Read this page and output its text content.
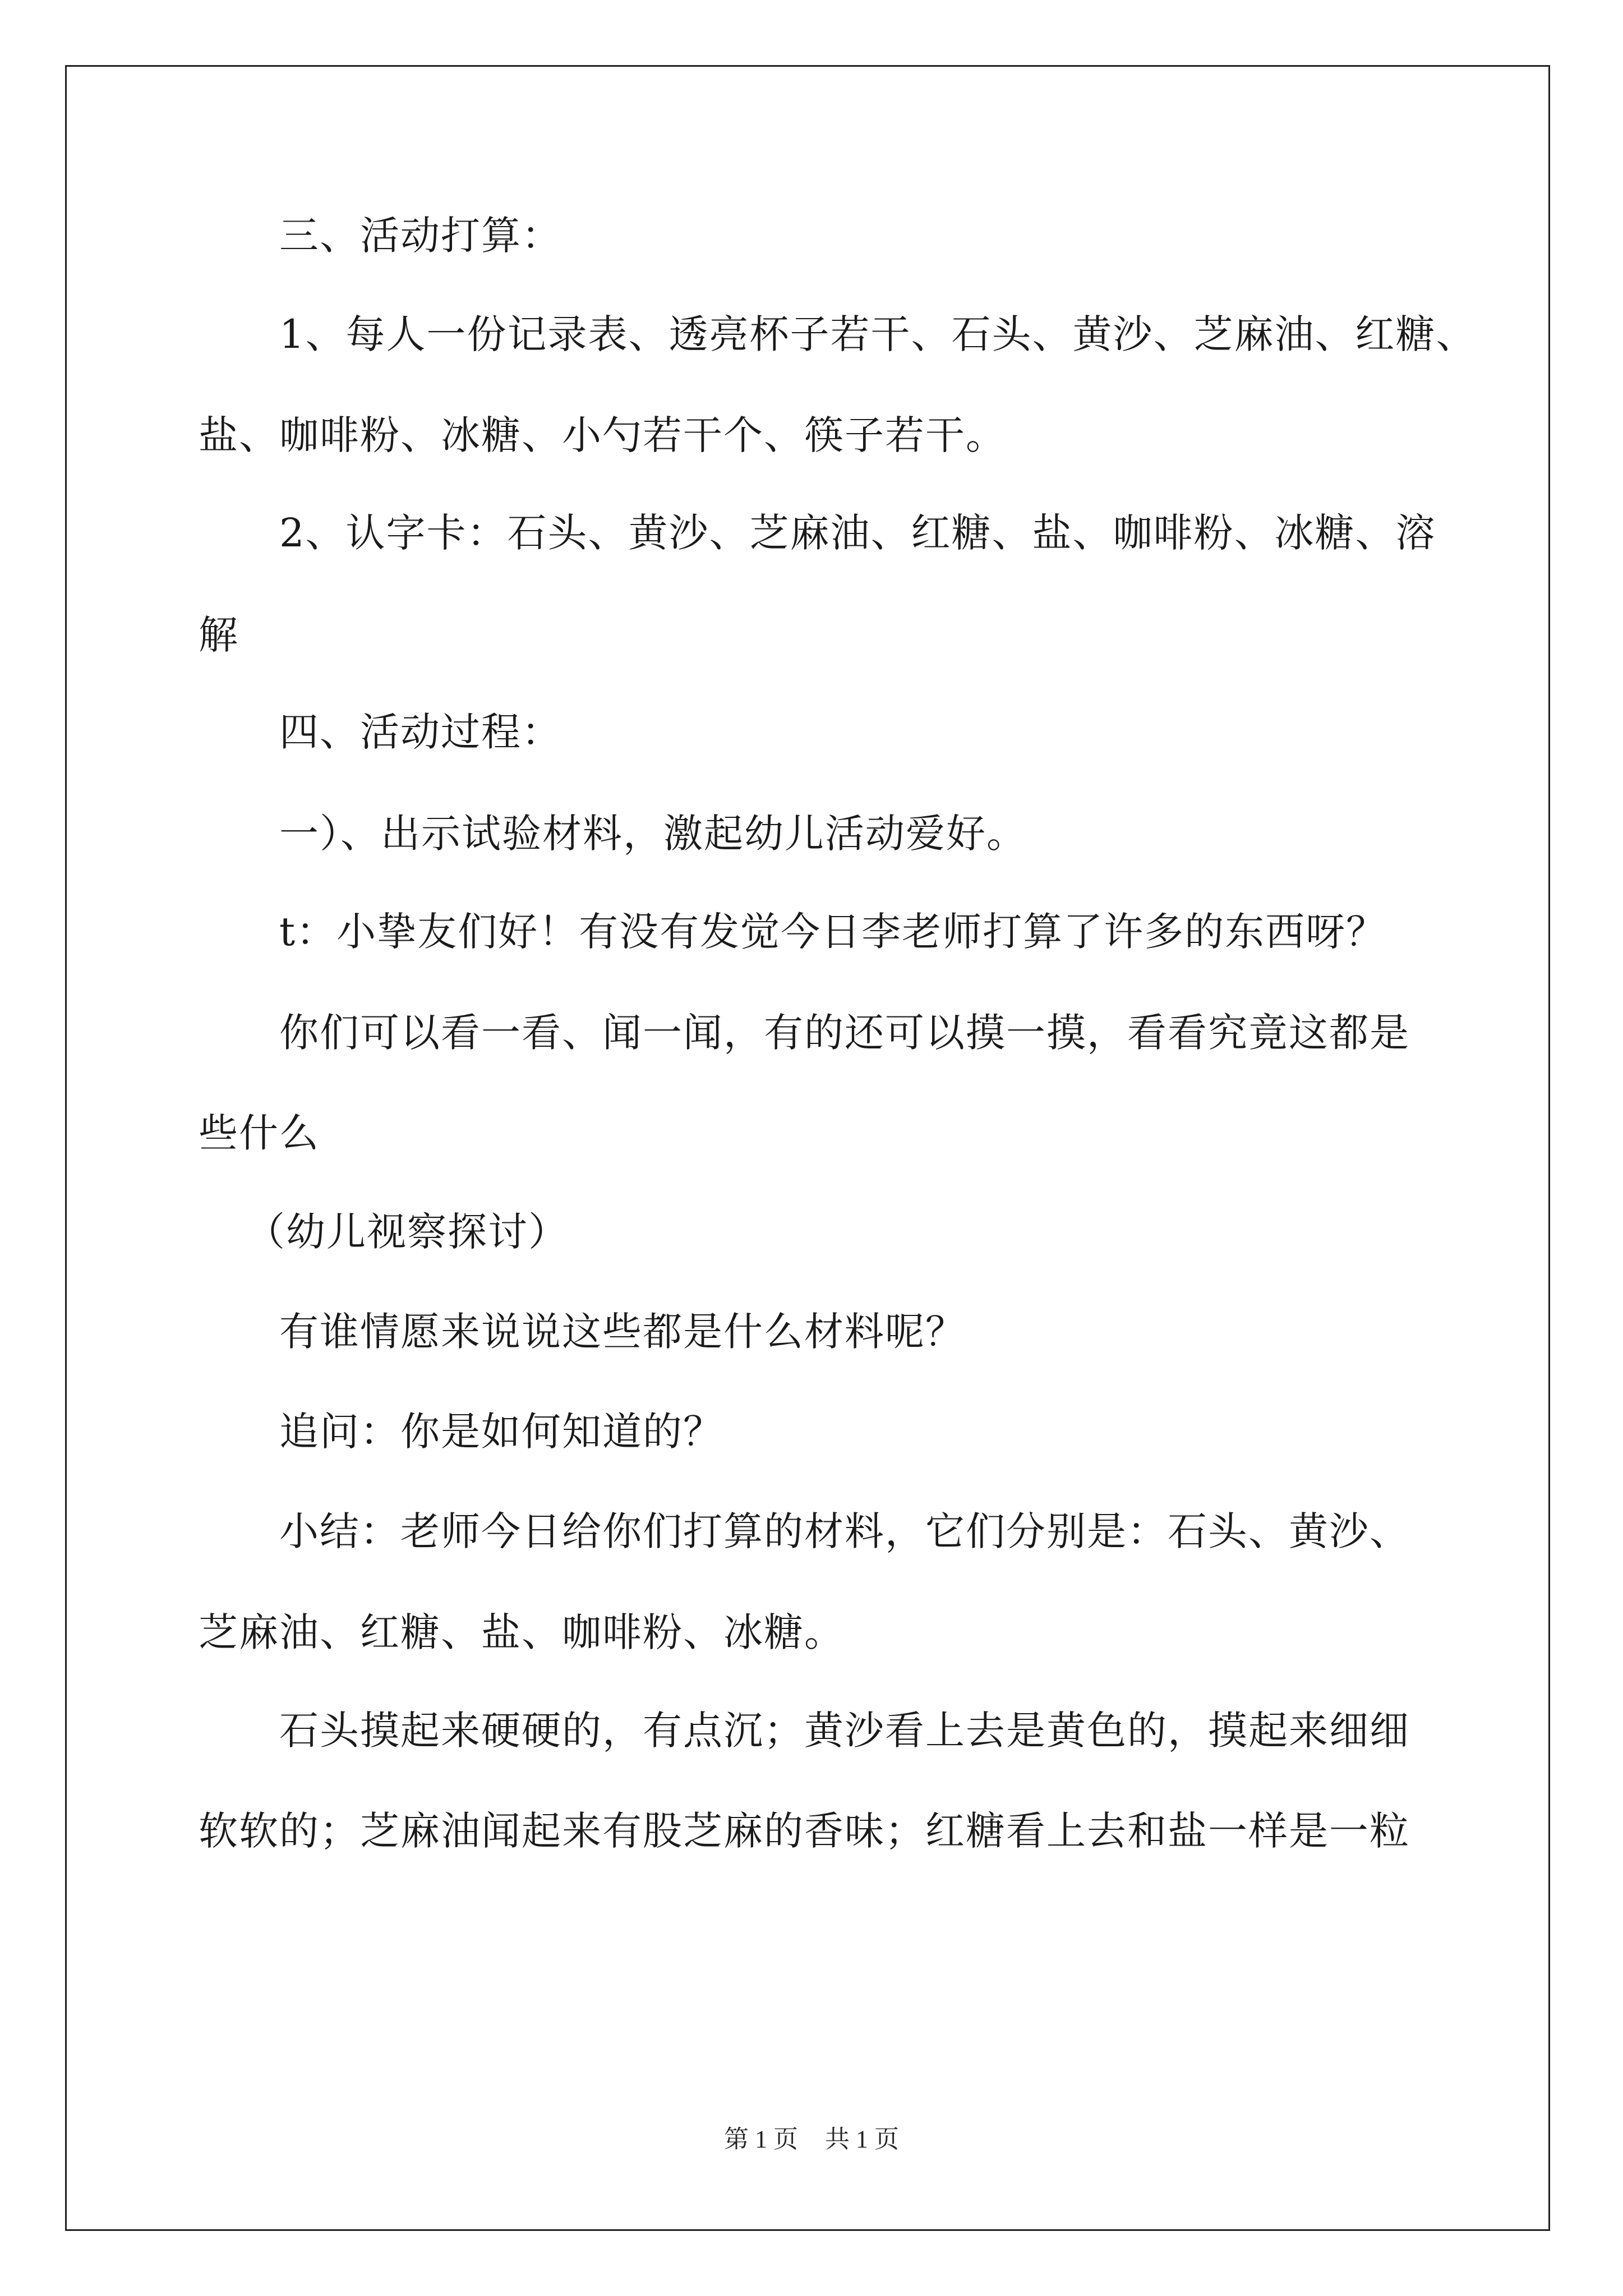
三、活动打算：
1、每人一份记录表、透亮杯子若干、石头、黄沙、芝麻油、红糖、
盐、咖啡粉、冰糖、小勺若干个、筷子若干。
2、认字卡：石头、黄沙、芝麻油、红糖、盐、咖啡粉、冰糖、溶
解
四、活动过程：
一）、出示试验材料，激起幼儿活动爱好。
t：小挚友们好！有没有发觉今日李老师打算了许多的东西呀？
你们可以看一看、闻一闻，有的还可以摸一摸，看看究竟这都是
些什么
（幼儿视察探讨）
有谁情愿来说说这些都是什么材料呢？
追问：你是如何知道的？
小结：老师今日给你们打算的材料，它们分别是：石头、黄沙、
芝麻油、红糖、盐、咖啡粉、冰糖。
石头摸起来硬硬的，有点沉；黄沙看上去是黄色的，摸起来细细
软软的；芝麻油闻起来有股芝麻的香味；红糖看上去和盐一样是一粒
第 1 页 共 1 页
